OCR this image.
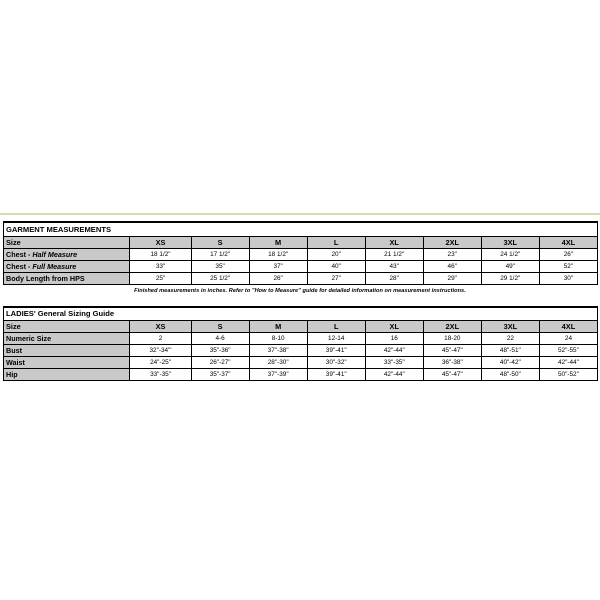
GARMENT MEASUREMENTS								
Size	XS	S	M	L	XL	2XL	3XL	4XL
Chest - Half Measure	18 1/2"	17 1/2"	18 1/2"	20"	21 1/2"	23"	24 1/2"	26"
Chest - Full Measure	33"	35"	37"	40"	43"	46"	49"	52"
Body Length from HPS	25"	25 1/2"	26"	27"	28"	29"	29 1/2"	30"
Finished measurements in inches. Refer to "How to Measure" guide for detailed information on measurement instructions.
LADIES' General Sizing Guide								
Size	XS	S	M	L	XL	2XL	3XL	4XL
Numeric Size	2	4-6	8-10	12-14	16	18-20	22	24
Bust	32"-34"'	35"-36"	37"-38"	39"-41"	42"-44"	45"-47"	48"-51"	52"-55"
Waist	24"-25"	26"-27"	28"-30"	30"-32"	33"-35"	36"-38"	40"-42"	42"-44"
Hip	33"-35"	35"-37"	37"-39"	39"-41"	42"-44"	45"-47"	48"-50"	50"-52"
